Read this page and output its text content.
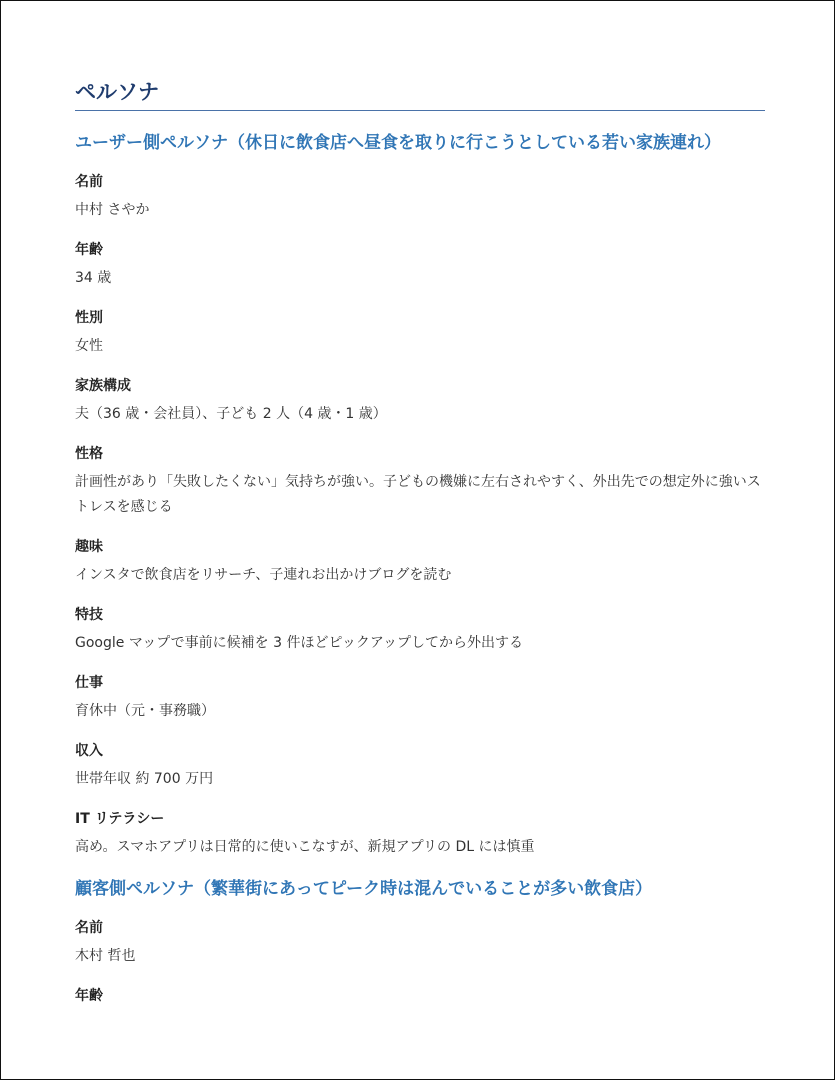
ペルソナ
ユーザー側ペルソナ（休日に飲食店へ昼食を取りに行こうとしている若い家族連れ）
名前
中村 さやか
年齢
34 歳
性別
女性
家族構成
夫（36 歳・会社員）、子ども 2 人（4 歳・1 歳）
性格
計画性があり「失敗したくない」気持ちが強い。子どもの機嫌に左右されやすく、外出先での想定外に強いストレスを感じる
趣味
インスタで飲食店をリサーチ、子連れお出かけブログを読む
特技
Google マップで事前に候補を 3 件ほどピックアップしてから外出する
仕事
育休中（元・事務職）
収入
世帯年収 約 700 万円
IT リテラシー
高め。スマホアプリは日常的に使いこなすが、新規アプリの DL には慎重
顧客側ペルソナ（繁華街にあってピーク時は混んでいることが多い飲食店）
名前
木村 哲也
年齢
